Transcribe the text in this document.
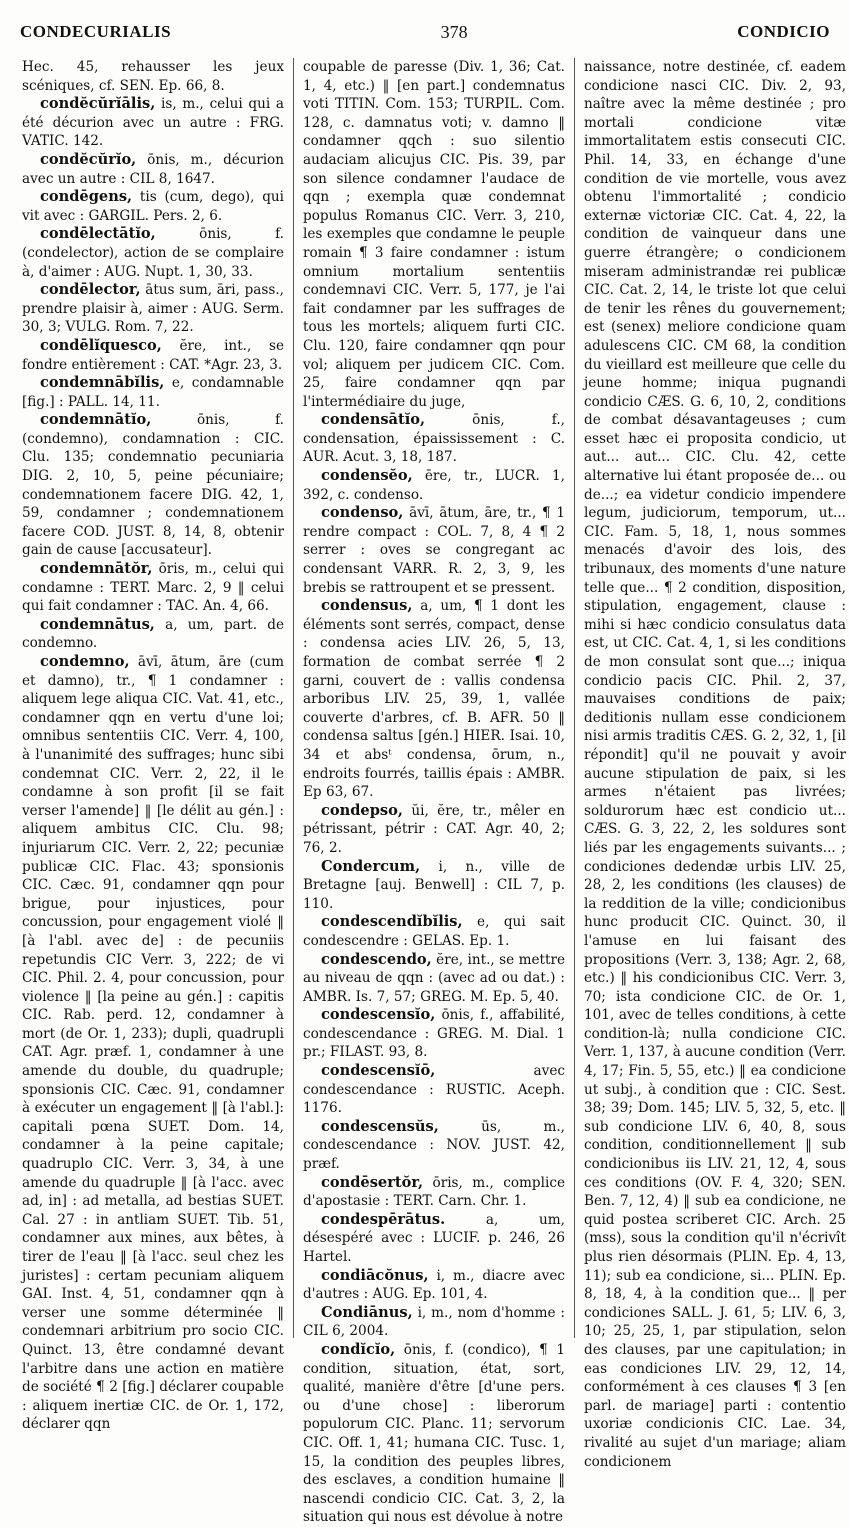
CONDECURIALIS	378	CONDICIO

Hec. 45, rehausser les jeux scéniques, cf. SEN. Ep. 66, 8.

condĕcŭrĭālis, is, m., celui qui a été décurion avec un autre : FRG. VATIC. 142.

condĕcŭrĭo, ōnis, m., décurion avec un autre : CIL 8, 1647.

condēgens, tis (cum, dego), qui vit avec : GARGIL. Pers. 2, 6.

condēlectātĭo, ōnis, f. (condelector), action de se complaire à, d'aimer : AUG. Nupt. 1, 30, 33.

condēlector, ātus sum, āri, pass., prendre plaisir à, aimer : AUG. Serm. 30, 3; VULG. Rom. 7, 22.

condēlĭquesco, ĕre, int., se fondre entièrement : CAT. *Agr. 23, 3.

condemnābĭlis, e, condamnable [fig.] : PALL. 14, 11.

condemnātĭo, ōnis, f. (condemno), condamnation : CIC. Clu. 135; condemnatio pecuniaria DIG. 2, 10, 5, peine pécuniaire; condemnationem facere DIG. 42, 1, 59, condamner ; condemnationem facere COD. JUST. 8, 14, 8, obtenir gain de cause [accusateur].

condemnātŏr, ōris, m., celui qui condamne : TERT. Marc. 2, 9 ‖ celui qui fait condamner : TAC. An. 4, 66.

condemnātus, a, um, part. de condemno.

condemno, āvī, ātum, āre (cum et damno), tr., ¶ 1 condamner : aliquem lege aliqua CIC. Vat. 41, etc., condamner qqn en vertu d'une loi; omnibus sententiis CIC. Verr. 4, 100, à l'unanimité des suffrages; hunc sibi condemnat CIC. Verr. 2, 22, il le condamne à son profit [il se fait verser l'amende] ‖ [le délit au gén.] : aliquem ambitus CIC. Clu. 98; injuriarum CIC. Verr. 2, 22; pecuniæ publicæ CIC. Flac. 43; sponsionis CIC. Cæc. 91, condamner qqn pour brigue, pour injustices, pour concussion, pour engagement violé ‖ [à l'abl. avec de] : de pecuniis repetundis CIC Verr. 3, 222; de vi CIC. Phil. 2. 4, pour concussion, pour violence ‖ [la peine au gén.] : capitis CIC. Rab. perd. 12, condamner à mort (de Or. 1, 233); dupli, quadrupli CAT. Agr. præf. 1, condamner à une amende du double, du quadruple; sponsionis CIC. Cæc. 91, condamner à exécuter un engagement ‖ [à l'abl.]: capitali pœna SUET. Dom. 14, condamner à la peine capitale; quadruplo CIC. Verr. 3, 34, à une amende du quadruple ‖ [à l'acc. avec ad, in] : ad metalla, ad bestias SUET. Cal. 27 : in antliam SUET. Tib. 51, condamner aux mines, aux bêtes, à tirer de l'eau ‖ [à l'acc. seul chez les juristes] : certam pecuniam aliquem GAI. Inst. 4, 51, condamner qqn à verser une somme déterminée ‖ condemnari arbitrium pro socio CIC. Quinct. 13, être condamné devant l'arbitre dans une action en matière de société ¶ 2 [fig.] déclarer coupable : aliquem inertiæ CIC. de Or. 1, 172, déclarer qqn

coupable de paresse (Div. 1, 36; Cat. 1, 4, etc.) ‖ [en part.] condemnatus voti TITIN. Com. 153; TURPIL. Com. 128, c. damnatus voti; v. damno ‖ condamner qqch : suo silentio audaciam alicujus CIC. Pis. 39, par son silence condamner l'audace de qqn ; exempla quæ condemnat populus Romanus CIC. Verr. 3, 210, les exemples que condamne le peuple romain ¶ 3 faire condamner : istum omnium mortalium sententiis condemnavi CIC. Verr. 5, 177, je l'ai fait condamner par les suffrages de tous les mortels; aliquem furti CIC. Clu. 120, faire condamner qqn pour vol; aliquem per judicem CIC. Com. 25, faire condamner qqn par l'intermédiaire du juge,

condensātĭo, ōnis, f., condensation, épaississement : C. AUR. Acut. 3, 18, 187.

condensĕo, ēre, tr., LUCR. 1, 392, c. condenso.

condenso, āvī, ātum, āre, tr., ¶ 1 rendre compact : COL. 7, 8, 4 ¶ 2 serrer : oves se congregant ac condensant VARR. R. 2, 3, 9, les brebis se rattroupent et se pressent.

condensus, a, um, ¶ 1 dont les éléments sont serrés, compact, dense : condensa acies LIV. 26, 5, 13, formation de combat serrée ¶ 2 garni, couvert de : vallis condensa arboribus LIV. 25, 39, 1, vallée couverte d'arbres, cf. B. AFR. 50 ‖ condensa saltus [gén.] HIER. Isai. 10, 34 et absᵗ condensa, ōrum, n., endroits fourrés, taillis épais : AMBR. Ep 63, 67.

condepso, ŭi, ĕre, tr., mêler en pétrissant, pétrir : CAT. Agr. 40, 2; 76, 2.

Condercum, i, n., ville de Bretagne [auj. Benwell] : CIL 7, p. 110.

condescendĭbĭlis, e, qui sait condescendre : GELAS. Ep. 1.

condescendo, ĕre, int., se mettre au niveau de qqn : (avec ad ou dat.) : AMBR. Is. 7, 57; GREG. M. Ep. 5, 40.

condescensĭo, ōnis, f., affabilité, condescendance : GREG. M. Dial. 1 pr.; FILAST. 93, 8.

condescensĭō, avec condescendance : RUSTIC. Aceph. 1176.

condescensŭs, ūs, m., condescendance : NOV. JUST. 42, præf.

condēsertŏr, ōris, m., complice d'apostasie : TERT. Carn. Chr. 1.

condespērātus. a, um, désespéré avec : LUCIF. p. 246, 26 Hartel.

condiācŏnus, i, m., diacre avec d'autres : AUG. Ep. 101, 4.

Condiānus, i, m., nom d'homme : CIL 6, 2004.

condĭcĭo, ōnis, f. (condico), ¶ 1 condition, situation, état, sort, qualité, manière d'être [d'une pers. ou d'une chose] : liberorum populorum CIC. Planc. 11; servorum CIC. Off. 1, 41; humana CIC. Tusc. 1, 15, la condition des peuples libres, des esclaves, a condition humaine ‖ nascendi condicio CIC. Cat. 3, 2, la situation qui nous est dévolue à notre

naissance, notre destinée, cf. eadem condicione nasci CIC. Div. 2, 93, naître avec la même destinée ; pro mortali condicione vitæ immortalitatem estis consecuti CIC. Phil. 14, 33, en échange d'une condition de vie mortelle, vous avez obtenu l'immortalité ; condicio externæ victoriæ CIC. Cat. 4, 22, la condition de vainqueur dans une guerre étrangère; o condicionem miseram administrandæ rei publicæ CIC. Cat. 2, 14, le triste lot que celui de tenir les rênes du gouvernement; est (senex) meliore condicione quam adulescens CIC. CM 68, la condition du vieillard est meilleure que celle du jeune homme; iniqua pugnandi condicio CÆS. G. 6, 10, 2, conditions de combat désavantageuses ; cum esset hæc ei proposita condicio, ut aut... aut... CIC. Clu. 42, cette alternative lui étant proposée de... ou de...; ea videtur condicio impendere legum, judiciorum, temporum, ut... CIC. Fam. 5, 18, 1, nous sommes menacés d'avoir des lois, des tribunaux, des moments d'une nature telle que... ¶ 2 condition, disposition, stipulation, engagement, clause : mihi si hæc condicio consulatus data est, ut CIC. Cat. 4, 1, si les conditions de mon consulat sont que...; iniqua condicio pacis CIC. Phil. 2, 37, mauvaises conditions de paix; deditionis nullam esse condicionem nisi armis traditis CÆS. G. 2, 32, 1, [il répondit] qu'il ne pouvait y avoir aucune stipulation de paix, si les armes n'étaient pas livrées; soldurorum hæc est condicio ut... CÆS. G. 3, 22, 2, les soldures sont liés par les engagements suivants... ; condiciones dedendæ urbis LIV. 25, 28, 2, les conditions (les clauses) de la reddition de la ville; condicionibus hunc producit CIC. Quinct. 30, il l'amuse en lui faisant des propositions (Verr. 3, 138; Agr. 2, 68, etc.) ‖ his condicionibus CIC. Verr. 3, 70; ista condicione CIC. de Or. 1, 101, avec de telles conditions, à cette condition-là; nulla condicione CIC. Verr. 1, 137, à aucune condition (Verr. 4, 17; Fin. 5, 55, etc.) ‖ ea condicione ut subj., à condition que : CIC. Sest. 38; 39; Dom. 145; LIV. 5, 32, 5, etc. ‖ sub condicione LIV. 6, 40, 8, sous condition, conditionnellement ‖ sub condicionibus iis LIV. 21, 12, 4, sous ces conditions (OV. F. 4, 320; SEN. Ben. 7, 12, 4) ‖ sub ea condicione, ne quid postea scriberet CIC. Arch. 25 (mss), sous la condition qu'il n'écrivît plus rien désormais (PLIN. Ep. 4, 13, 11); sub ea condicione, si... PLIN. Ep. 8, 18, 4, à la condition que... ‖ per condiciones SALL. J. 61, 5; LIV. 6, 3, 10; 25, 25, 1, par stipulation, selon des clauses, par une capitulation; in eas condiciones LIV. 29, 12, 14, conformément à ces clauses ¶ 3 [en parl. de mariage] parti : contentio uxoriæ condicionis CIC. Lae. 34, rivalité au sujet d'un mariage; aliam condicionem
